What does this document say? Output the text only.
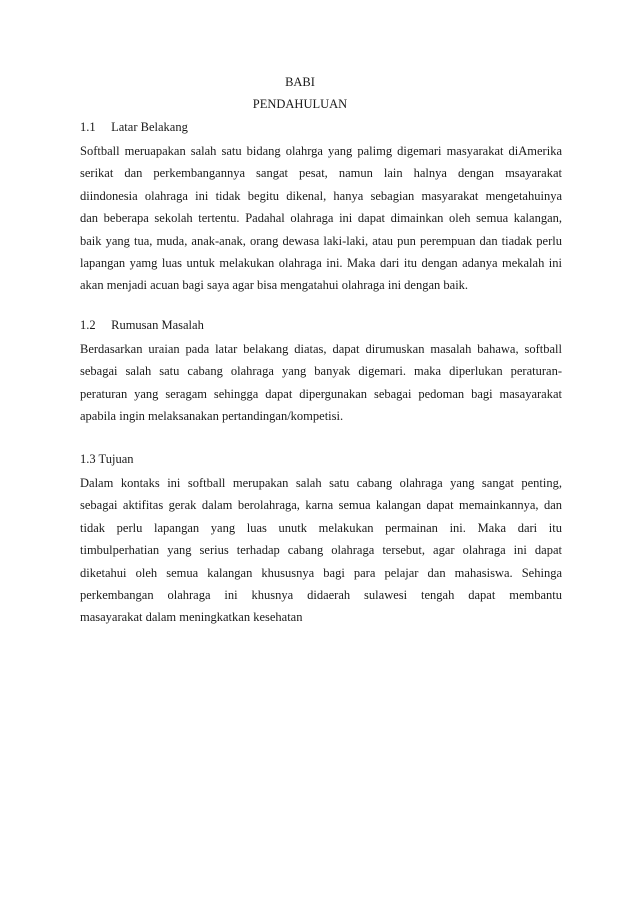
BABI
PENDAHULUAN
1.1 Latar Belakang
Softball meruapakan salah satu bidang olahrga yang palimg digemari masyarakat diAmerika
serikat dan perkembangannya sangat pesat, namun lain halnya dengan msayarakat
diindonesia olahraga ini tidak begitu dikenal, hanya sebagian masyarakat mengetahuinya
dan beberapa sekolah tertentu. Padahal olahraga ini dapat dimainkan oleh semua kalangan,
baik yang tua, muda, anak-anak, orang dewasa laki-laki, atau pun perempuan dan tiadak perlu
lapangan yamg luas untuk melakukan olahraga ini. Maka dari itu dengan adanya mekalah ini
akan menjadi acuan bagi saya agar bisa mengatahui olahraga ini dengan baik.
1.2 Rumusan Masalah
Berdasarkan uraian pada latar belakang diatas, dapat dirumuskan masalah bahawa, softball
sebagai salah satu cabang olahraga yang banyak digemari. maka diperlukan peraturan-
peraturan yang seragam sehingga dapat dipergunakan sebagai pedoman bagi masayarakat
apabila ingin melaksanakan pertandingan/kompetisi.
1.3 Tujuan
Dalam kontaks ini softball merupakan salah satu cabang olahraga yang sangat penting,
sebagai aktifitas gerak dalam berolahraga, karna semua kalangan dapat memainkannya, dan
tidak perlu lapangan yang luas unutk melakukan permainan ini. Maka dari itu
timbulperhatian yang serius terhadap cabang olahraga tersebut, agar olahraga ini dapat
diketahui oleh semua kalangan khususnya bagi para pelajar dan mahasiswa. Sehinga
perkembangan olahraga ini khusnya didaerah sulawesi tengah dapat membantu
masayarakat dalam meningkatkan kesehatan
